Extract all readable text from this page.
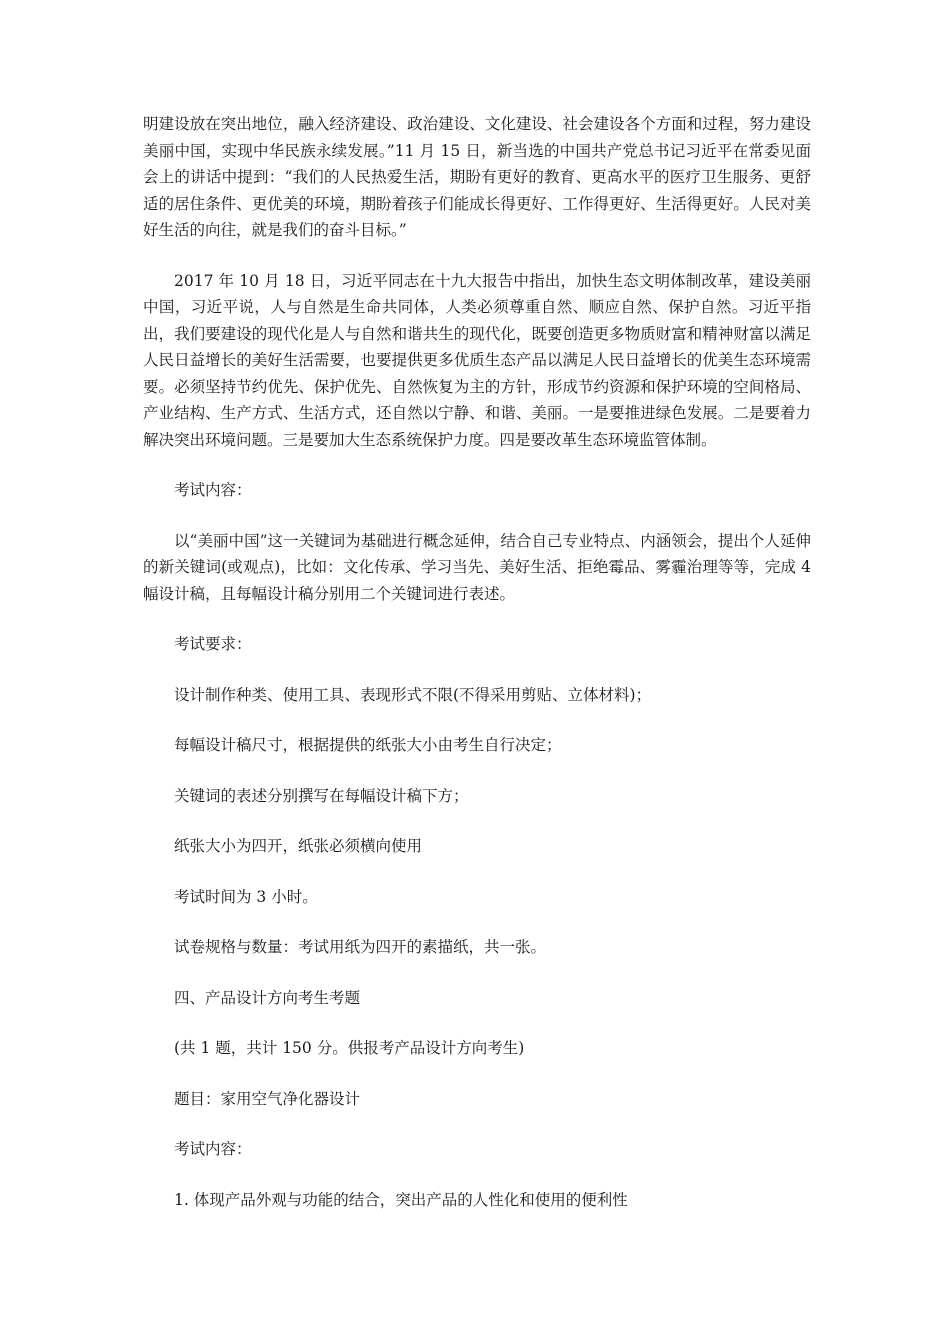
明建设放在突出地位，融入经济建设、政治建设、文化建设、社会建设各个方面和过程，努力建设美丽中国，实现中华民族永续发展。”11 月 15 日，新当选的中国共产党总书记习近平在常委见面会上的讲话中提到：“我们的人民热爱生活，期盼有更好的教育、更高水平的医疗卫生服务、更舒适的居住条件、更优美的环境，期盼着孩子们能成长得更好、工作得更好、生活得更好。人民对美好生活的向往，就是我们的奋斗目标。”

2017 年 10 月 18 日，习近平同志在十九大报告中指出，加快生态文明体制改革，建设美丽中国，习近平说，人与自然是生命共同体，人类必须尊重自然、顺应自然、保护自然。习近平指出，我们要建设的现代化是人与自然和谐共生的现代化，既要创造更多物质财富和精神财富以满足人民日益增长的美好生活需要，也要提供更多优质生态产品以满足人民日益增长的优美生态环境需要。必须坚持节约优先、保护优先、自然恢复为主的方针，形成节约资源和保护环境的空间格局、产业结构、生产方式、生活方式，还自然以宁静、和谐、美丽。一是要推进绿色发展。二是要着力解决突出环境问题。三是要加大生态系统保护力度。四是要改革生态环境监管体制。

考试内容：

以“美丽中国”这一关键词为基础进行概念延伸，结合自己专业特点、内涵领会，提出个人延伸的新关键词(或观点)，比如：文化传承、学习当先、美好生活、拒绝霉品、雾霾治理等等，完成 4 幅设计稿，且每幅设计稿分别用二个关键词进行表述。

考试要求：

设计制作种类、使用工具、表现形式不限(不得采用剪贴、立体材料)；

每幅设计稿尺寸，根据提供的纸张大小由考生自行决定；

关键词的表述分别撰写在每幅设计稿下方；

纸张大小为四开，纸张必须横向使用

考试时间为 3 小时。

试卷规格与数量：考试用纸为四开的素描纸，共一张。

四、产品设计方向考生考题

(共 1 题，共计 150 分。供报考产品设计方向考生)

题目：家用空气净化器设计

考试内容：

1. 体现产品外观与功能的结合，突出产品的人性化和使用的便利性
